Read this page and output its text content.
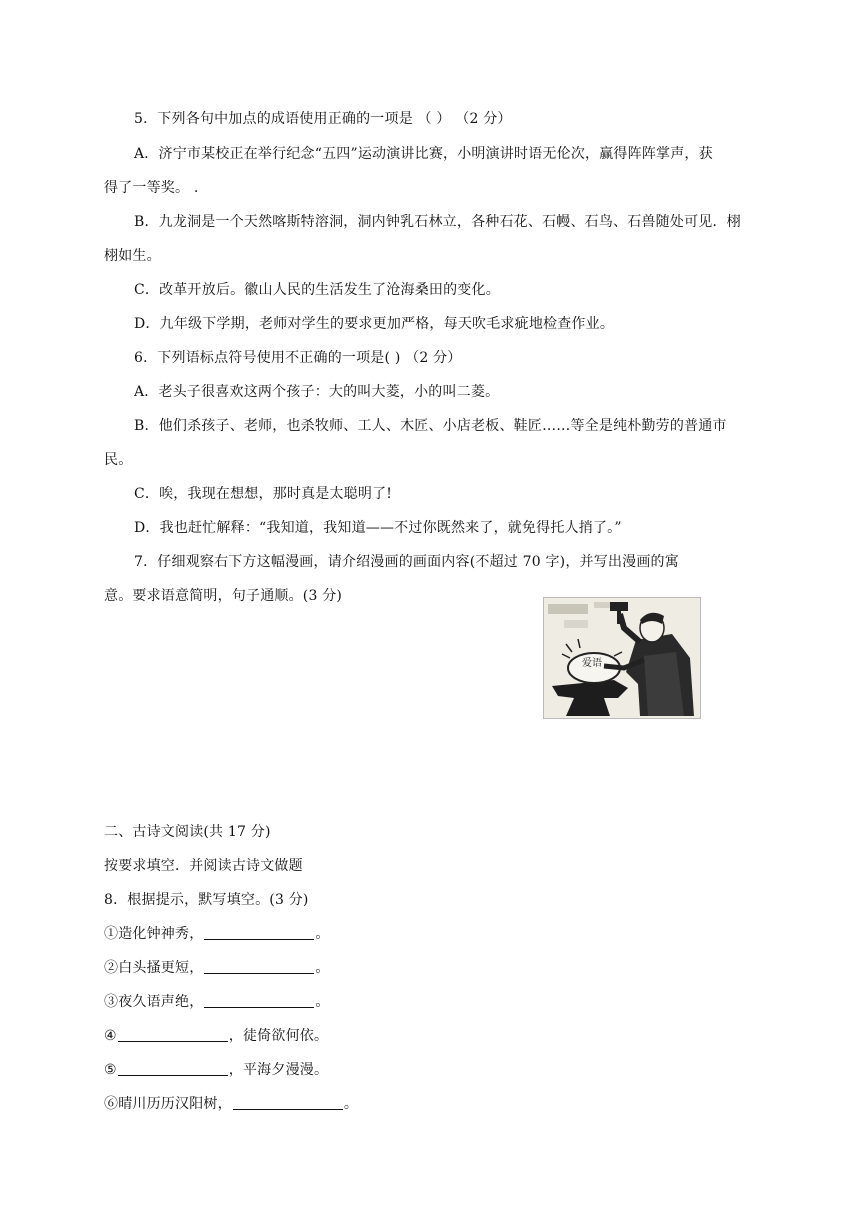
5．下列各句中加点的成语使用正确的一项是 （ ） （2 分）
A．济宁市某校正在举行纪念“五四”运动演讲比赛，小明演讲时语无伦次，赢得阵阵掌声，获
得了一等奖。 .
B．九龙洞是一个天然喀斯特溶洞，洞内钟乳石林立，各种石花、石幔、石鸟、石兽随处可见．栩
栩如生。
C．改革开放后。徽山人民的生活发生了沧海桑田的变化。
D．九年级下学期，老师对学生的要求更加严格，每天吹毛求疵地检查作业。
6．下列语标点符号使用不正确的一项是( ) （2 分）
A．老头子很喜欢这两个孩子：大的叫大菱，小的叫二菱。
B．他们杀孩子、老师，也杀牧师、工人、木匠、小店老板、鞋匠……等全是纯朴勤劳的普通市
民。
C．唉，我现在想想，那时真是太聪明了!
D．我也赶忙解释：“我知道，我知道——不过你既然来了，就免得托人捎了。”
7．仔细观察右下方这幅漫画，请介绍漫画的画面内容(不超过 70 字)，并写出漫画的寓
意。要求语意简明，句子通顺。(3 分)
爱语
二、古诗文阅读(共 17 分)
按要求填空．并阅读古诗文做题
8．根据提示，默写填空。(3 分)
①造化钟神秀，	。
②白头搔更短，	。
③夜久语声绝，	。
④	，徒倚欲何依。
⑤	，平海夕漫漫。
⑥晴川历历汉阳树，	。
